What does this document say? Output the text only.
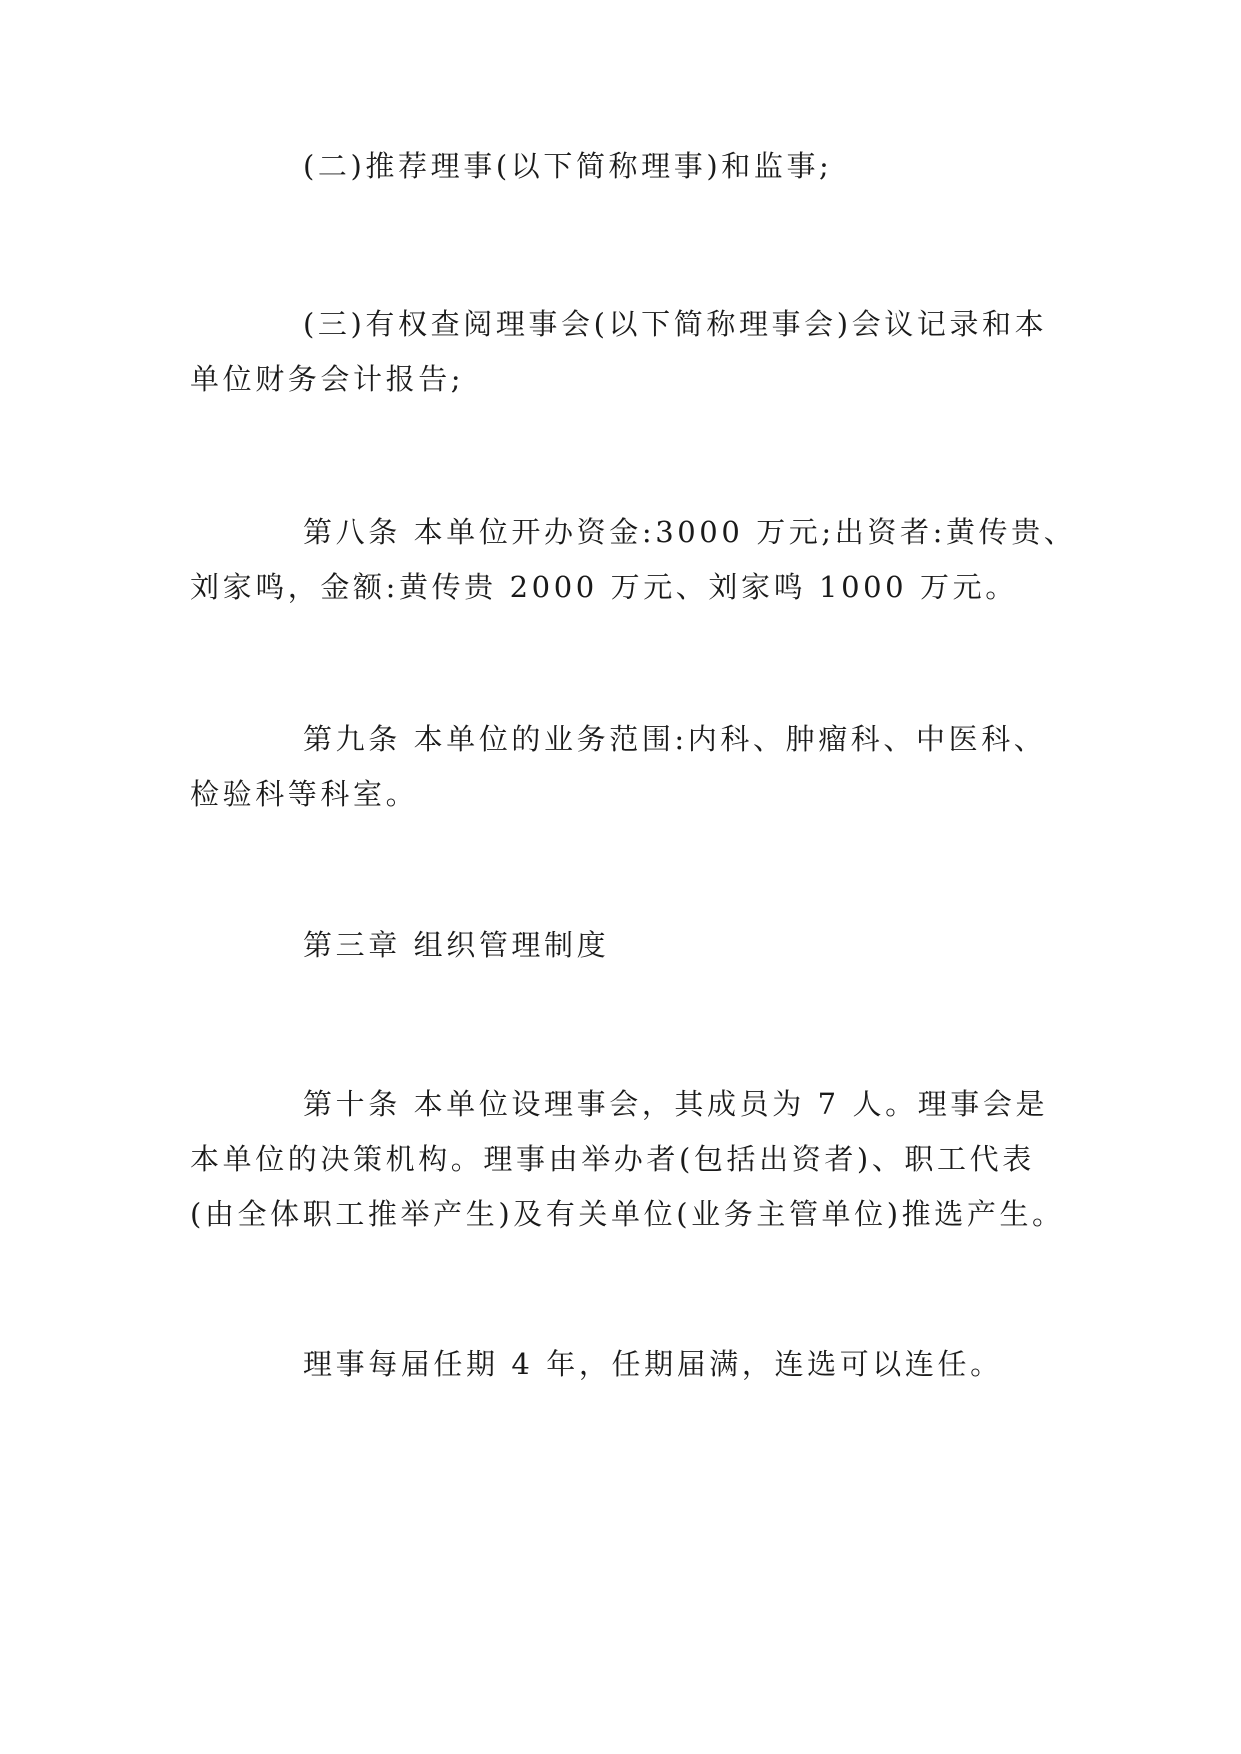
(二)推荐理事(以下简称理事)和监事;

(三)有权查阅理事会(以下简称理事会)会议记录和本
单位财务会计报告;

第八条 本单位开办资金:3000 万元;出资者:黄传贵、
刘家鸣，金额:黄传贵 2000 万元、刘家鸣 1000 万元。

第九条 本单位的业务范围:内科、肿瘤科、中医科、
检验科等科室。

第三章 组织管理制度

第十条 本单位设理事会，其成员为 7 人。理事会是
本单位的决策机构。理事由举办者(包括出资者)、职工代表
(由全体职工推举产生)及有关单位(业务主管单位)推选产生。

理事每届任期 4 年，任期届满，连选可以连任。
